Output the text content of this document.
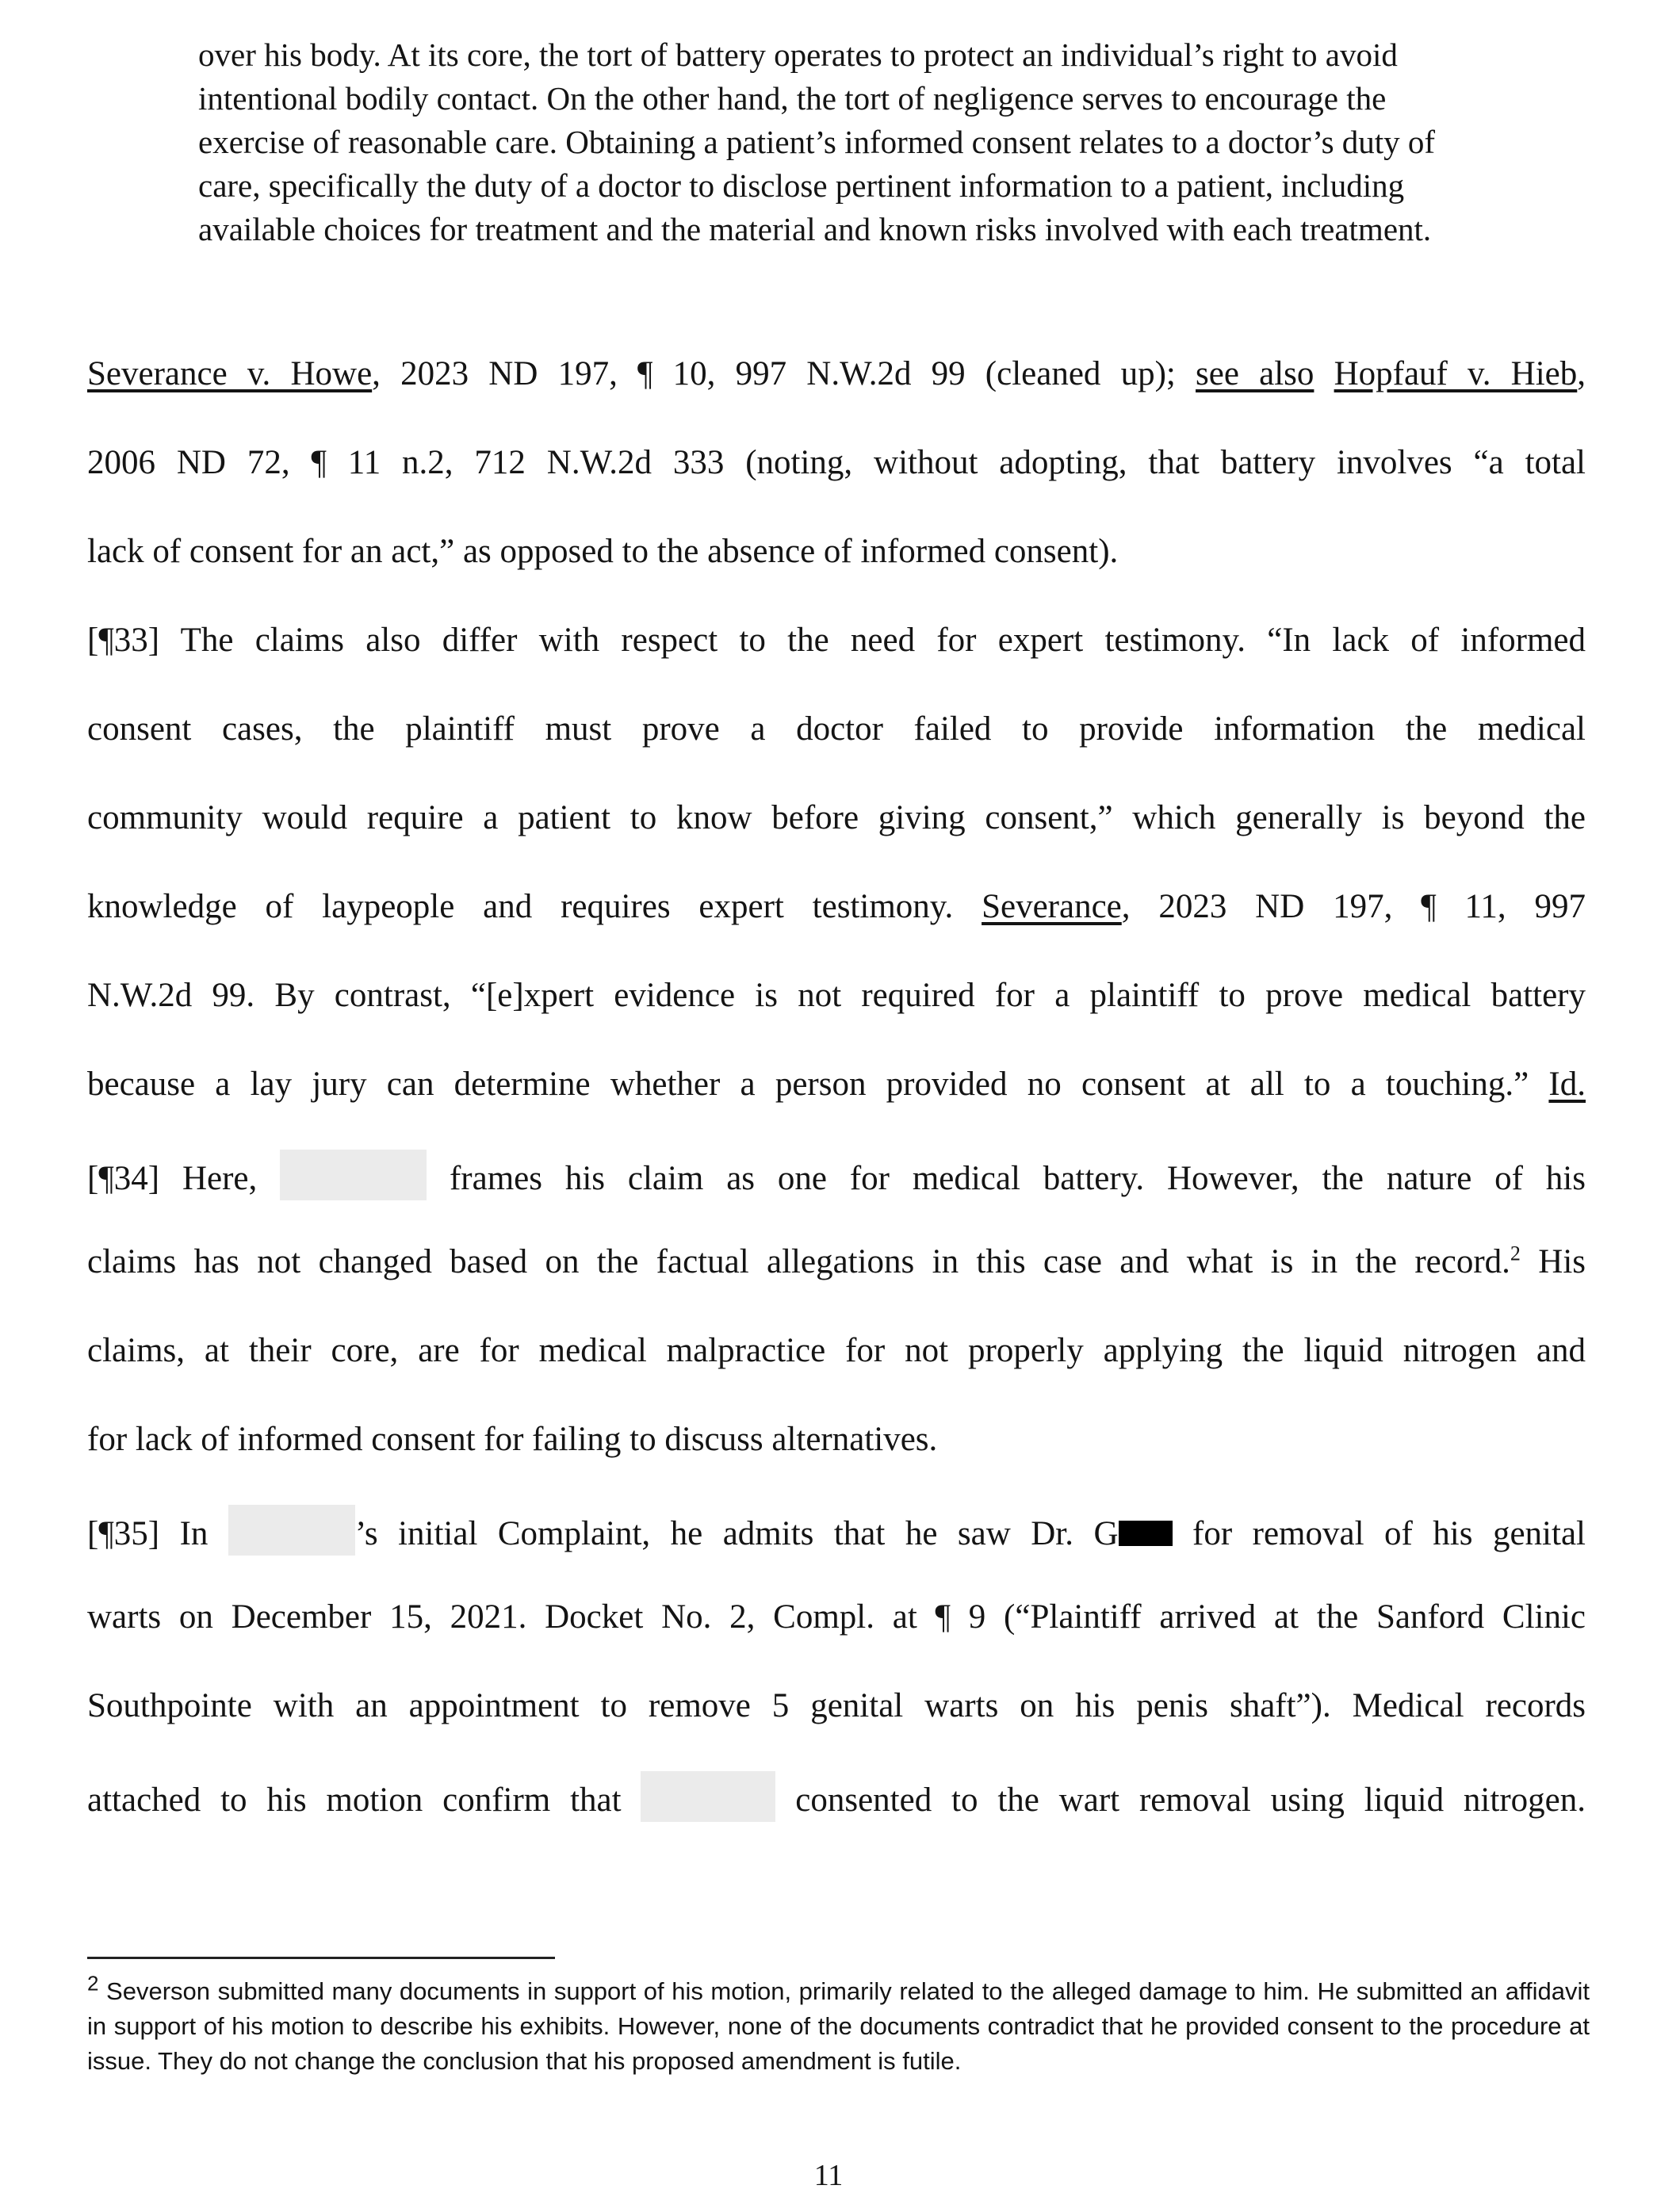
over his body. At its core, the tort of battery operates to protect an individual’s right to avoid intentional bodily contact. On the other hand, the tort of negligence serves to encourage the exercise of reasonable care. Obtaining a patient’s informed consent relates to a doctor’s duty of care, specifically the duty of a doctor to disclose pertinent information to a patient, including available choices for treatment and the material and known risks involved with each treatment.
Severance v. Howe, 2023 ND 197, ¶ 10, 997 N.W.2d 99 (cleaned up); see also Hopfauf v. Hieb,
2006 ND 72, ¶ 11 n.2, 712 N.W.2d 333 (noting, without adopting, that battery involves “a total
lack of consent for an act,” as opposed to the absence of informed consent).
[¶33] The claims also differ with respect to the need for expert testimony. “In lack of informed
consent cases, the plaintiff must prove a doctor failed to provide information the medical
community would require a patient to know before giving consent,” which generally is beyond the
knowledge of laypeople and requires expert testimony. Severance, 2023 ND 197, ¶ 11, 997
N.W.2d 99. By contrast, “[e]xpert evidence is not required for a plaintiff to prove medical battery
because a lay jury can determine whether a person provided no consent at all to a touching.” Id.
[¶34] Here,	frames his claim as one for medical battery. However, the nature of his
claims has not changed based on the factual allegations in this case and what is in the record.$^2$ His
claims, at their core, are for medical malpractice for not properly applying the liquid nitrogen and
for lack of informed consent for failing to discuss alternatives.
[¶35] In	’s initial Complaint, he admits that he saw Dr. G for removal of his genital
warts on December 15, 2021. Docket No. 2, Compl. at ¶ 9 (“Plaintiff arrived at the Sanford Clinic
Southpointe with an appointment to remove 5 genital warts on his penis shaft”). Medical records
attached to his motion confirm that	consented to the wart removal using liquid nitrogen.
$^2$ Severson submitted many documents in support of his motion, primarily related to the alleged damage to him. He submitted an affidavit in support of his motion to describe his exhibits. However, none of the documents contradict that he provided consent to the procedure at issue. They do not change the conclusion that his proposed amendment is futile.
11
